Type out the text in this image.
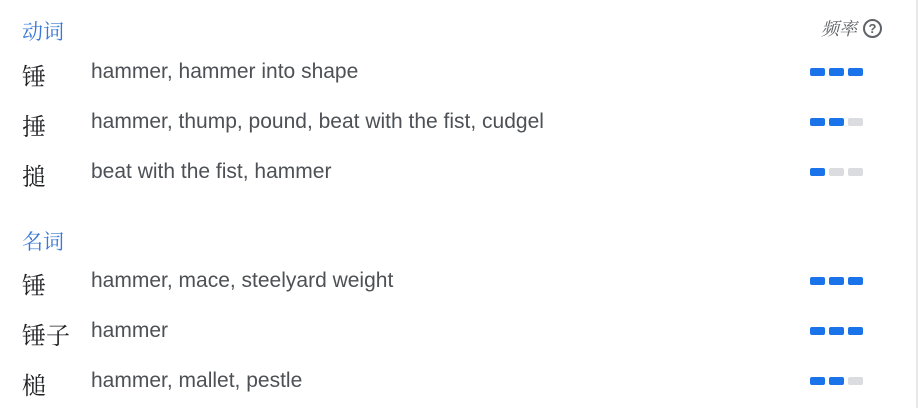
频率 ?
动词
锤 hammer, hammer into shape
捶 hammer, thump, pound, beat with the fist, cudgel
搥 beat with the fist, hammer
名词
锤 hammer, mace, steelyard weight
锤子 hammer
槌 hammer, mallet, pestle
